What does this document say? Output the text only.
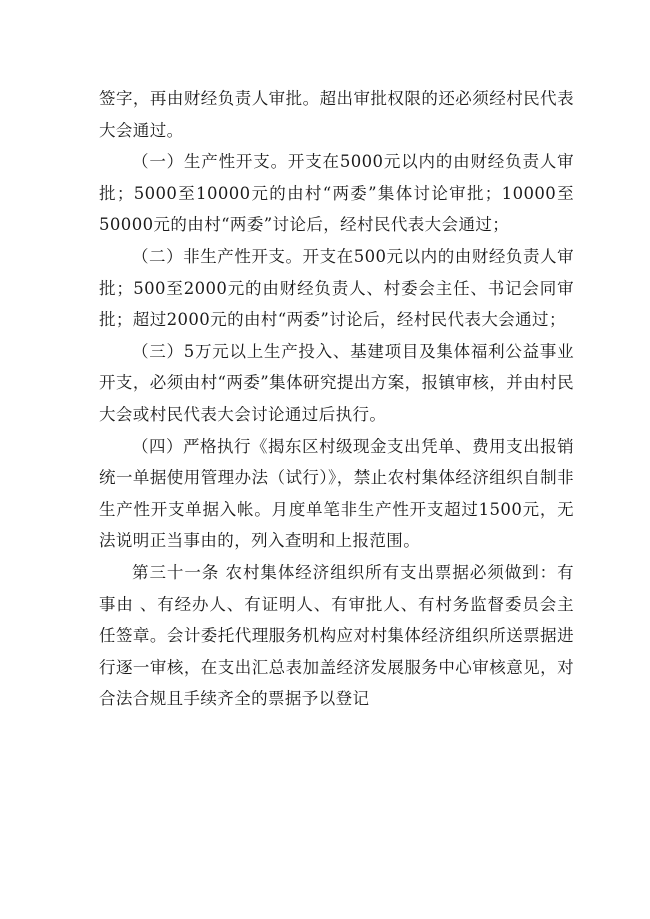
签字，再由财经负责人审批。超出审批权限的还必须经村民代表大会通过。

（一）生产性开支。开支在5000元以内的由财经负责人审批；5000至10000元的由村“两委”集体讨论审批；10000至50000元的由村“两委”讨论后，经村民代表大会通过；

（二）非生产性开支。开支在500元以内的由财经负责人审批；500至2000元的由财经负责人、村委会主任、书记会同审批；超过2000元的由村“两委”讨论后，经村民代表大会通过；

（三）5万元以上生产投入、基建项目及集体福利公益事业开支，必须由村“两委”集体研究提出方案，报镇审核，并由村民大会或村民代表大会讨论通过后执行。

（四）严格执行《揭东区村级现金支出凭单、费用支出报销统一单据使用管理办法（试行）》，禁止农村集体经济组织自制非生产性开支单据入帐。月度单笔非生产性开支超过1500元，无法说明正当事由的，列入查明和上报范围。

第三十一条 农村集体经济组织所有支出票据必须做到：有事由 、有经办人、有证明人、有审批人、有村务监督委员会主任签章。会计委托代理服务机构应对村集体经济组织所送票据进行逐一审核，在支出汇总表加盖经济发展服务中心审核意见，对合法合规且手续齐全的票据予以登记
